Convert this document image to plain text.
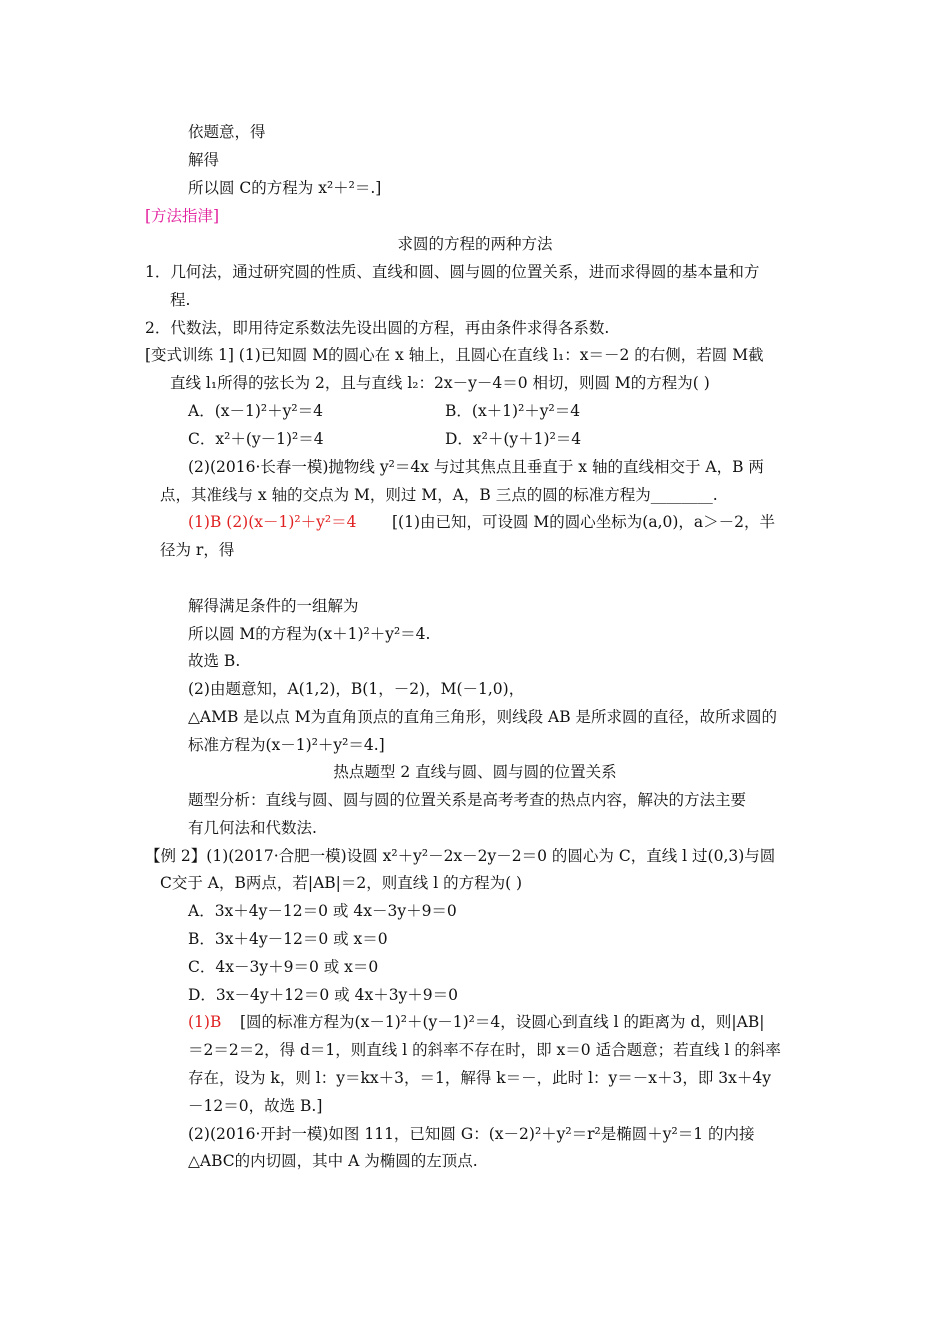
依题意，得
解得
所以圆 C的方程为 x²＋²＝.]
[方法指津]
求圆的方程的两种方法
1．几何法，通过研究圆的性质、直线和圆、圆与圆的位置关系，进而求得圆的基本量和方
程.
2．代数法，即用待定系数法先设出圆的方程，再由条件求得各系数.
[变式训练 1] (1)已知圆 M的圆心在 x 轴上，且圆心在直线 l₁：x＝－2 的右侧，若圆 M截
直线 l₁所得的弦长为 2，且与直线 l₂：2x－y－4＝0 相切，则圆 M的方程为( )
A．(x－1)²＋y²＝4	B．(x＋1)²＋y²＝4
C．x²＋(y－1)²＝4	D．x²＋(y＋1)²＝4
(2)(2016·长春一模)抛物线 y²＝4x 与过其焦点且垂直于 x 轴的直线相交于 A，B 两
点，其准线与 x 轴的交点为 M，则过 M，A，B 三点的圆的标准方程为________.
(1)B (2)(x－1)²＋y²＝4 [(1)由已知，可设圆 M的圆心坐标为(a,0)，a＞－2，半
径为 r，得
解得满足条件的一组解为
所以圆 M的方程为(x＋1)²＋y²＝4.
故选 B.
(2)由题意知，A(1,2)，B(1，－2)，M(－1,0)，
△AMB 是以点 M为直角顶点的直角三角形，则线段 AB 是所求圆的直径，故所求圆的
标准方程为(x－1)²＋y²＝4.]
热点题型 2 直线与圆、圆与圆的位置关系
题型分析：直线与圆、圆与圆的位置关系是高考考查的热点内容，解决的方法主要
有几何法和代数法.
【例 2】(1)(2017·合肥一模)设圆 x²＋y²－2x－2y－2＝0 的圆心为 C，直线 l 过(0,3)与圆
C交于 A，B两点，若|AB|＝2，则直线 l 的方程为( )
A．3x＋4y－12＝0 或 4x－3y＋9＝0
B．3x＋4y－12＝0 或 x＝0
C．4x－3y＋9＝0 或 x＝0
D．3x－4y＋12＝0 或 4x＋3y＋9＝0
(1)B [圆的标准方程为(x－1)²＋(y－1)²＝4，设圆心到直线 l 的距离为 d，则|AB|
＝2＝2＝2，得 d＝1，则直线 l 的斜率不存在时，即 x＝0 适合题意；若直线 l 的斜率
存在，设为 k，则 l：y＝kx＋3，＝1，解得 k＝－，此时 l：y＝－x＋3，即 3x＋4y
－12＝0，故选 B.]
(2)(2016·开封一模)如图 111，已知圆 G：(x－2)²＋y²＝r²是椭圆＋y²＝1 的内接
△ABC的内切圆，其中 A 为椭圆的左顶点.
